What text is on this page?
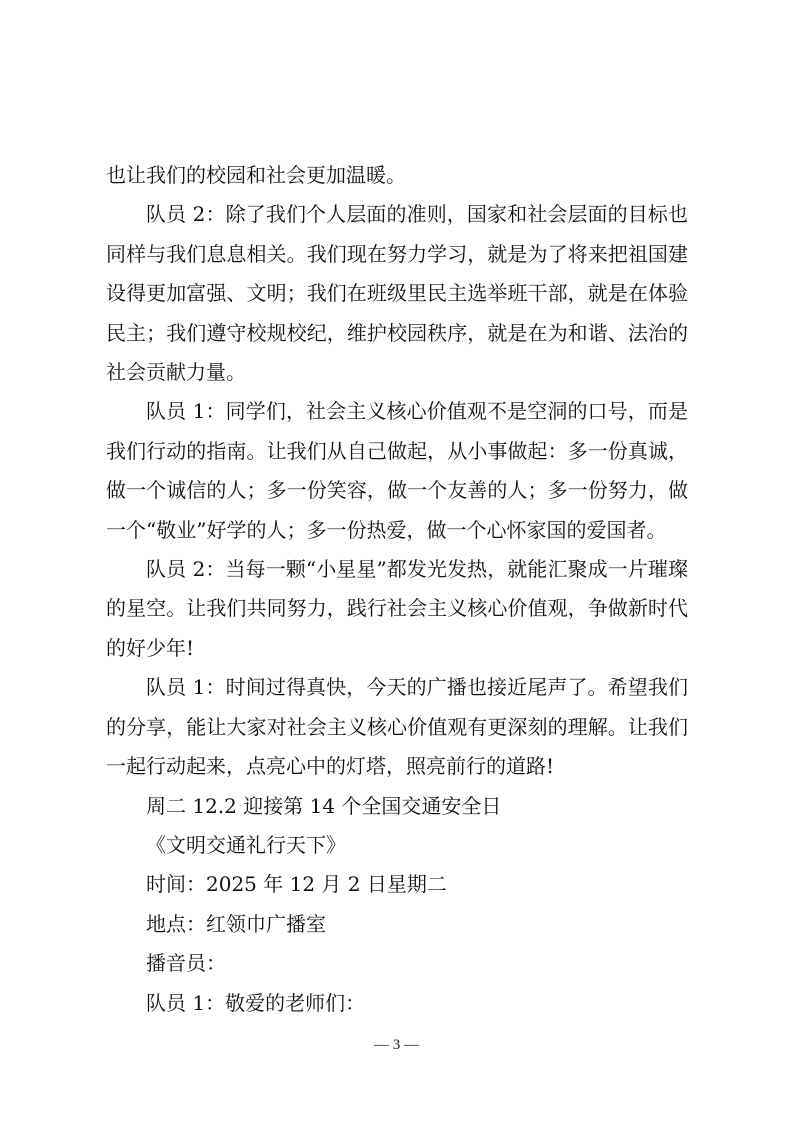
也让我们的校园和社会更加温暖。

队员 2：除了我们个人层面的准则，国家和社会层面的目标也同样与我们息息相关。我们现在努力学习，就是为了将来把祖国建设得更加富强、文明；我们在班级里民主选举班干部，就是在体验民主；我们遵守校规校纪，维护校园秩序，就是在为和谐、法治的社会贡献力量。

队员 1：同学们，社会主义核心价值观不是空洞的口号，而是我们行动的指南。让我们从自己做起，从小事做起：多一份真诚，做一个诚信的人；多一份笑容，做一个友善的人；多一份努力，做一个“敬业”好学的人；多一份热爱，做一个心怀家国的爱国者。

队员 2：当每一颗“小星星”都发光发热，就能汇聚成一片璀璨的星空。让我们共同努力，践行社会主义核心价值观，争做新时代的好少年!

队员 1：时间过得真快，今天的广播也接近尾声了。希望我们的分享，能让大家对社会主义核心价值观有更深刻的理解。让我们一起行动起来，点亮心中的灯塔，照亮前行的道路!

周二 12.2 迎接第 14 个全国交通安全日

《文明交通礼行天下》

时间：2025 年 12 月 2 日星期二

地点：红领巾广播室

播音员：

队员 1：敬爱的老师们：

— 3 —
